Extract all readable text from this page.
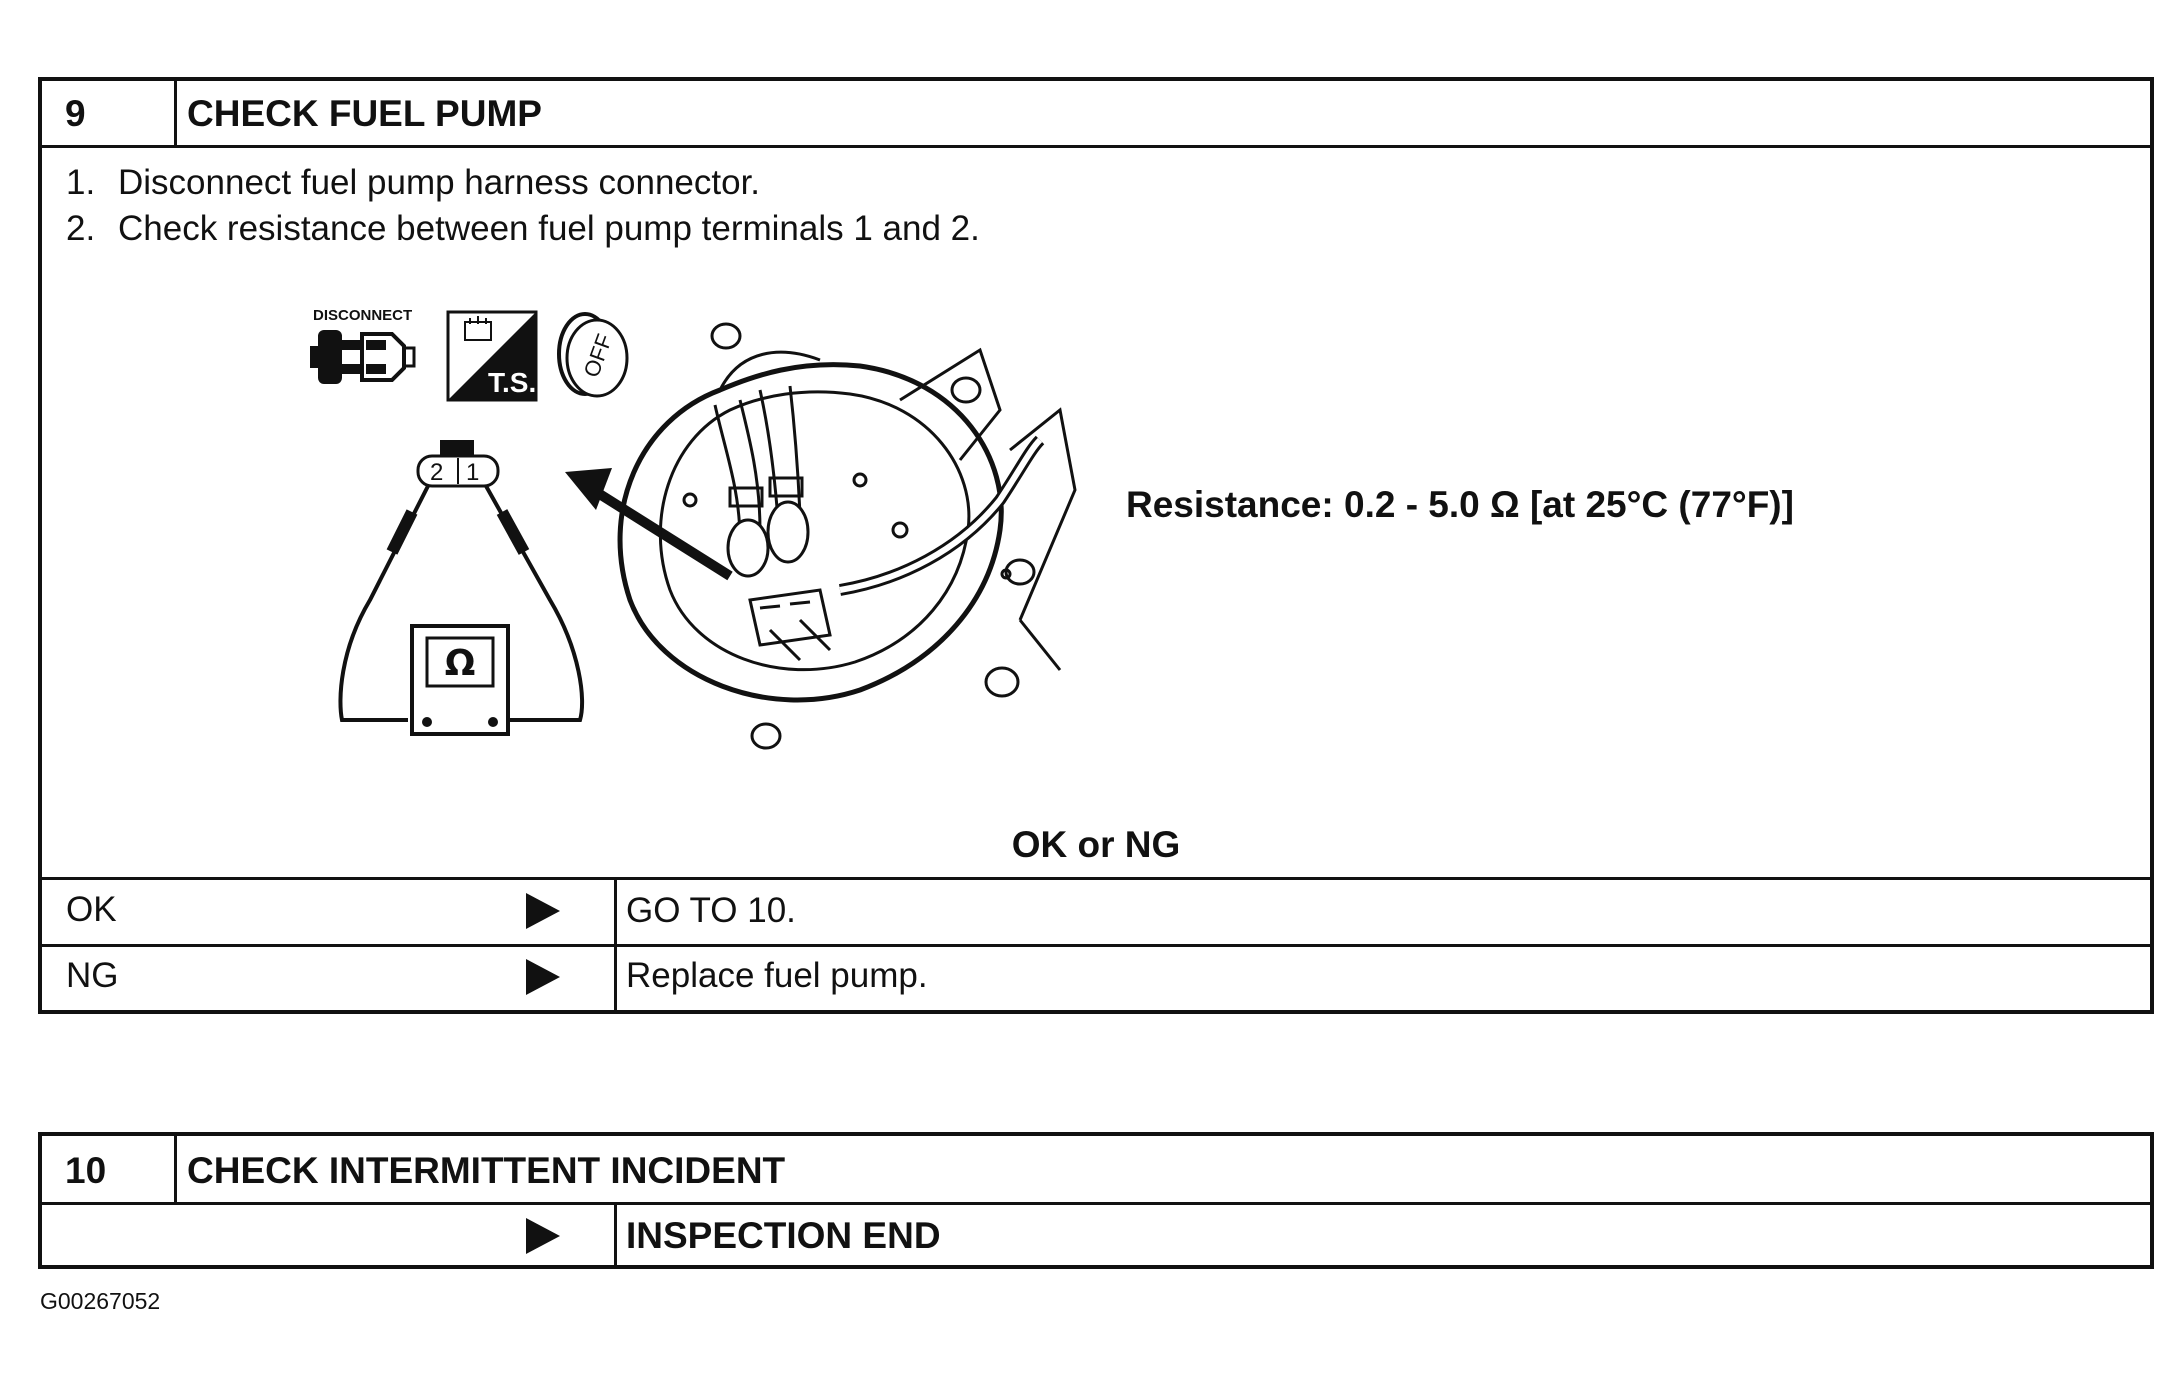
9	CHECK FUEL PUMP
1. Disconnect fuel pump harness connector.
2. Check resistance between fuel pump terminals 1 and 2.
DISCONNECT
T.S.
OFF
2 1
Ω
Resistance: 0.2 - 5.0 Ω [at 25°C (77°F)]
OK or NG
OK	GO TO 10.
NG	Replace fuel pump.
10 CHECK INTERMITTENT INCIDENT
INSPECTION END
G00267052
